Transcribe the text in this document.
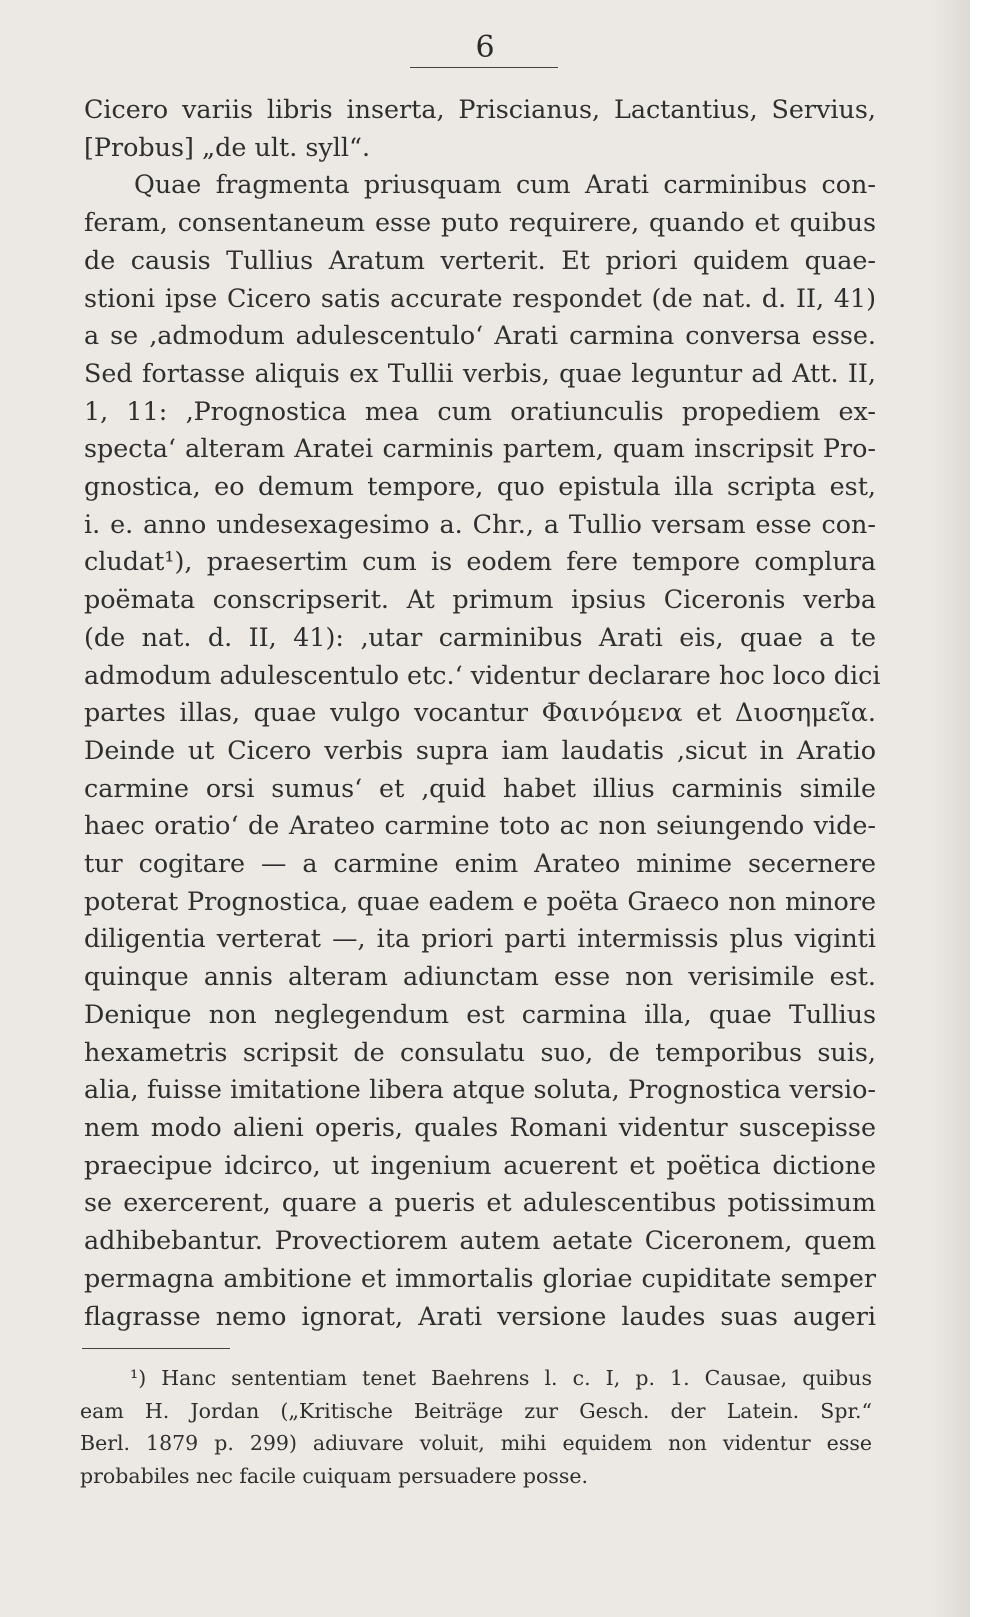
6
Cicero variis libris inserta, Priscianus, Lactantius, Servius,
[Probus] „de ult. syll“.
Quae fragmenta priusquam cum Arati carminibus con-
feram, consentaneum esse puto requirere, quando et quibus
de causis Tullius Aratum verterit. Et priori quidem quae-
stioni ipse Cicero satis accurate respondet (de nat. d. II, 41)
a se ‚admodum adulescentulo‘ Arati carmina conversa esse.
Sed fortasse aliquis ex Tullii verbis, quae leguntur ad Att. II,
1, 11: ‚Prognostica mea cum oratiunculis propediem ex-
specta‘ alteram Aratei carminis partem, quam inscripsit Pro-
gnostica, eo demum tempore, quo epistula illa scripta est,
i. e. anno undesexagesimo a. Chr., a Tullio versam esse con-
cludat¹), praesertim cum is eodem fere tempore complura
poëmata conscripserit. At primum ipsius Ciceronis verba
(de nat. d. II, 41): ‚utar carminibus Arati eis, quae a te
admodum adulescentulo etc.‘ videntur declarare hoc loco dici
partes illas, quae vulgo vocantur Φαινόμενα et Διοσημεῖα.
Deinde ut Cicero verbis supra iam laudatis ‚sicut in Aratio
carmine orsi sumus‘ et ‚quid habet illius carminis simile
haec oratio‘ de Arateo carmine toto ac non seiungendo vide-
tur cogitare — a carmine enim Arateo minime secernere
poterat Prognostica, quae eadem e poëta Graeco non minore
diligentia verterat —, ita priori parti intermissis plus viginti
quinque annis alteram adiunctam esse non verisimile est.
Denique non neglegendum est carmina illa, quae Tullius
hexametris scripsit de consulatu suo, de temporibus suis,
alia, fuisse imitatione libera atque soluta, Prognostica versio-
nem modo alieni operis, quales Romani videntur suscepisse
praecipue idcirco, ut ingenium acuerent et poëtica dictione
se exercerent, quare a pueris et adulescentibus potissimum
adhibebantur. Provectiorem autem aetate Ciceronem, quem
permagna ambitione et immortalis gloriae cupiditate semper
flagrasse nemo ignorat, Arati versione laudes suas augeri
¹) Hanc sententiam tenet Baehrens l. c. I, p. 1. Causae, quibus
eam H. Jordan („Kritische Beiträge zur Gesch. der Latein. Spr.“
Berl. 1879 p. 299) adiuvare voluit, mihi equidem non videntur esse
probabiles nec facile cuiquam persuadere posse.
